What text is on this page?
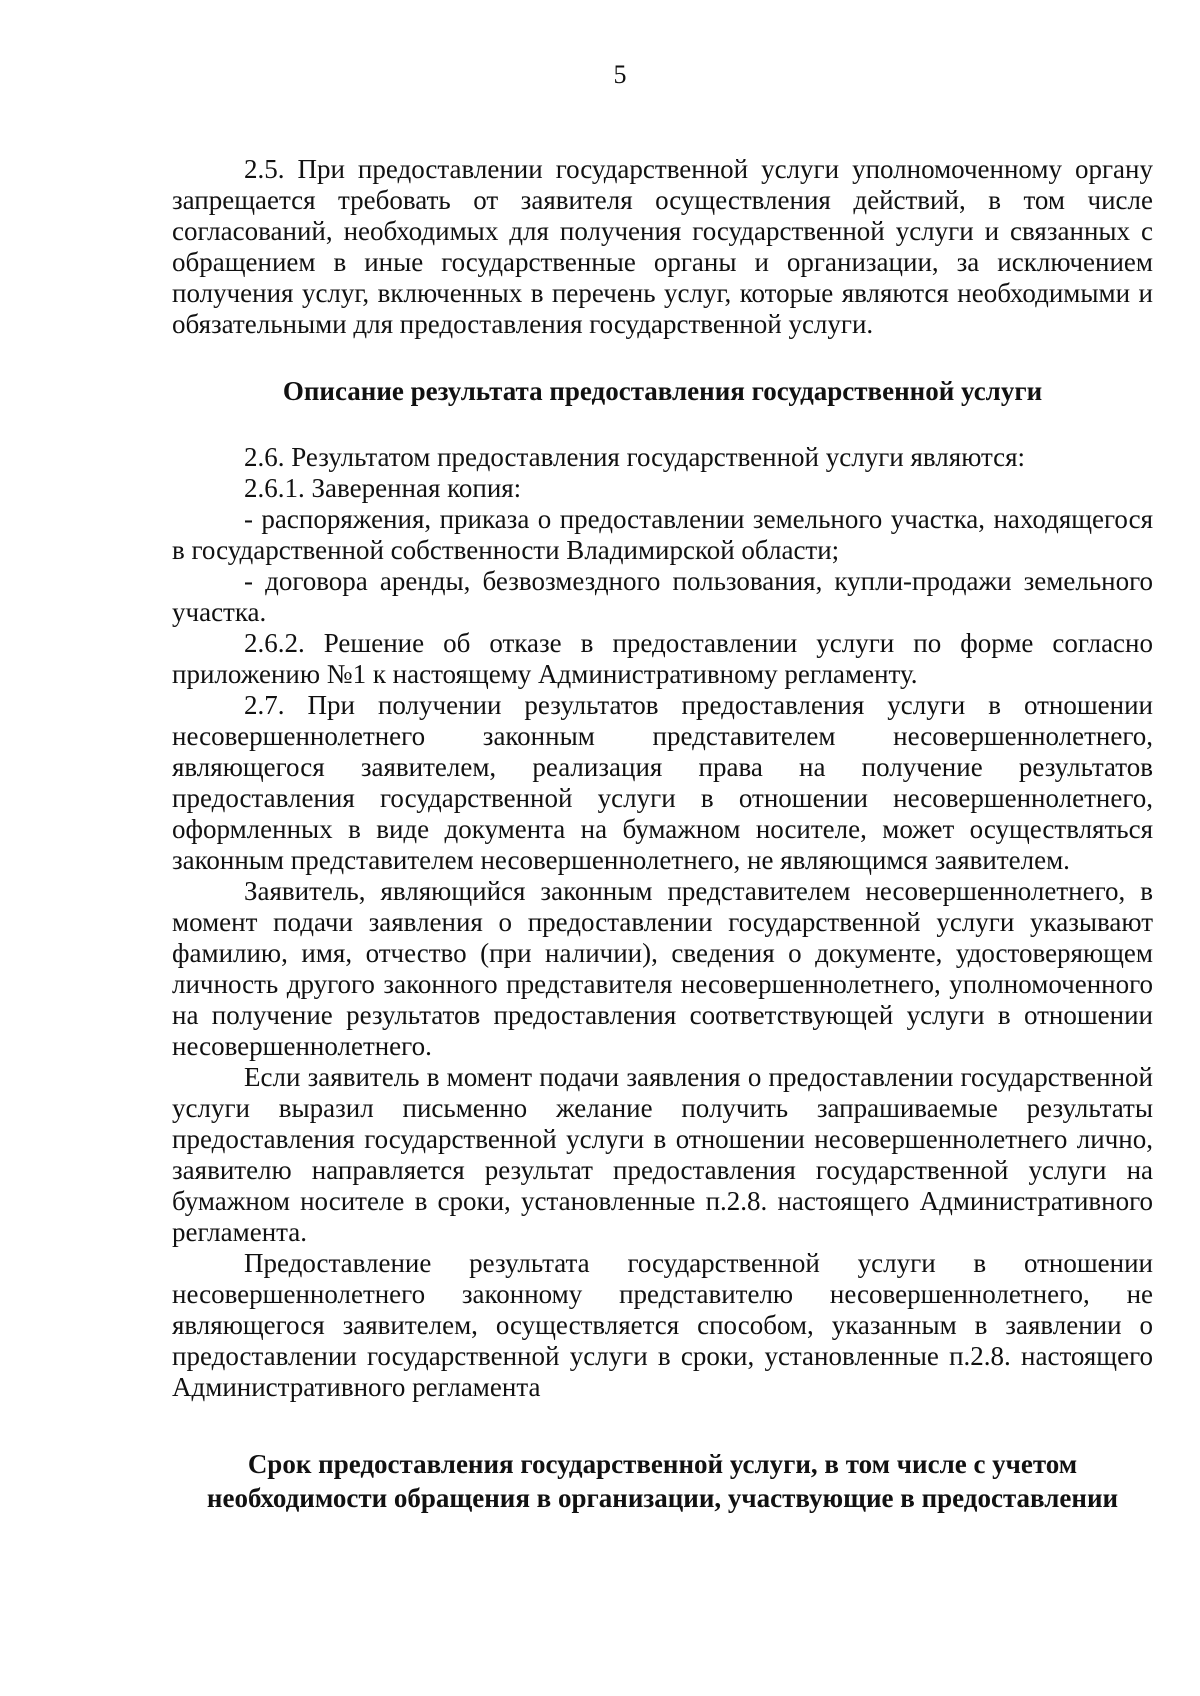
5

2.5. При предоставлении государственной услуги уполномоченному органу запрещается требовать от заявителя осуществления действий, в том числе согласований, необходимых для получения государственной услуги и связанных с обращением в иные государственные органы и организации, за исключением получения услуг, включенных в перечень услуг, которые являются необходимыми и обязательными для предоставления государственной услуги.

Описание результата предоставления государственной услуги

2.6. Результатом предоставления государственной услуги являются:

2.6.1. Заверенная копия:

- распоряжения, приказа о предоставлении земельного участка, находящегося в государственной собственности Владимирской области;

- договора аренды, безвозмездного пользования, купли-продажи земельного участка.

2.6.2. Решение об отказе в предоставлении услуги по форме согласно приложению №1 к настоящему Административному регламенту.

2.7. При получении результатов предоставления услуги в отношении несовершеннолетнего законным представителем несовершеннолетнего, являющегося заявителем, реализация права на получение результатов предоставления государственной услуги в отношении несовершеннолетнего, оформленных в виде документа на бумажном носителе, может осуществляться законным представителем несовершеннолетнего, не являющимся заявителем.

Заявитель, являющийся законным представителем несовершеннолетнего, в момент подачи заявления о предоставлении государственной услуги указывают фамилию, имя, отчество (при наличии), сведения о документе, удостоверяющем личность другого законного представителя несовершеннолетнего, уполномоченного на получение результатов предоставления соответствующей услуги в отношении несовершеннолетнего.

Если заявитель в момент подачи заявления о предоставлении государственной услуги выразил письменно желание получить запрашиваемые результаты предоставления государственной услуги в отношении несовершеннолетнего лично, заявителю направляется результат предоставления государственной услуги на бумажном носителе в сроки, установленные п.2.8. настоящего Административного регламента.

Предоставление результата государственной услуги в отношении несовершеннолетнего законному представителю несовершеннолетнего, не являющегося заявителем, осуществляется способом, указанным в заявлении о предоставлении государственной услуги в сроки, установленные п.2.8. настоящего Административного регламента

Срок предоставления государственной услуги, в том числе с учетом
необходимости обращения в организации, участвующие в предоставлении
